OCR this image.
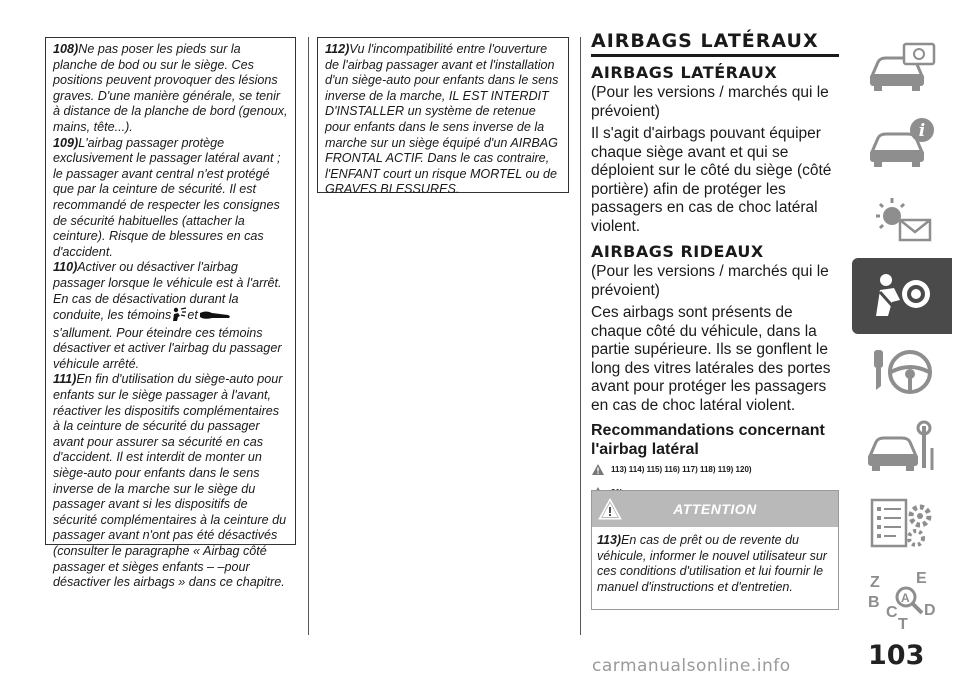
108)Ne pas poser les pieds sur la planche de bod ou sur le siège. Ces positions peuvent provoquer des lésions graves. D'une manière générale, se tenir à distance de la planche de bord (genoux, mains, tête...).

109)L'airbag passager protège exclusivement le passager latéral avant ; le passager avant central n'est protégé que par la ceinture de sécurité. Il est recommandé de respecter les consignes de sécurité habituelles (attacher la ceinture). Risque de blessures en cas d'accident.

110)Activer ou désactiver l'airbag passager lorsque le véhicule est à l'arrêt. En cas de désactivation durant la conduite, les témoins ets'allument. Pour éteindre ces témoins désactiver et activer l'airbag du passager véhicule arrêté.

111)En fin d'utilisation du siège-auto pour enfants sur le siège passager à l'avant, réactiver les dispositifs complémentaires à la ceinture de sécurité du passager avant pour assurer sa sécurité en cas d'accident. Il est interdit de monter un siège-auto pour enfants dans le sens inverse de la marche sur le siège du passager avant si les dispositifs de sécurité complémentaires à la ceinture du passager avant n'ont pas été désactivés (consulter le paragraphe « Airbag côté passager et sièges enfants – –pour désactiver les airbags » dans ce chapitre.

112)Vu l'incompatibilité entre l'ouverture de l'airbag passager avant et l'installation d'un siège-auto pour enfants dans le sens inverse de la marche, IL EST INTERDIT D'INSTALLER un système de retenue pour enfants dans le sens inverse de la marche sur un siège équipé d'un AIRBAG FRONTAL ACTIF. Dans le cas contraire, l'ENFANT court un risque MORTEL ou de GRAVES BLESSURES.

AIRBAGS LATÉRAUX
AIRBAGS LATÉRAUX

(Pour les versions / marchés qui le prévoient)

Il s'agit d'airbags pouvant équiper chaque siège avant et qui se déploient sur le côté du siège (côté portière) afin de protéger les passagers en cas de choc latéral violent.

AIRBAGS RIDEAUX

(Pour les versions / marchés qui le prévoient)

Ces airbags sont présents de chaque côté du véhicule, dans la partie supérieure. Ils se gonflent le long des vitres latérales des portes avant pour protéger les passagers en cas de choc latéral violent.

Recommandations concernant l'airbag latéral
113) 114) 115) 116) 117) 118) 119) 120)
ATTENTION
113)En cas de prêt ou de revente du véhicule, informer le nouvel utilisateur sur ces conditions d'utilisation et lui fournir le manuel d'instructions et d'entretien.
i
Z E
B
C D
T
A
103
carmanualsonline.info
